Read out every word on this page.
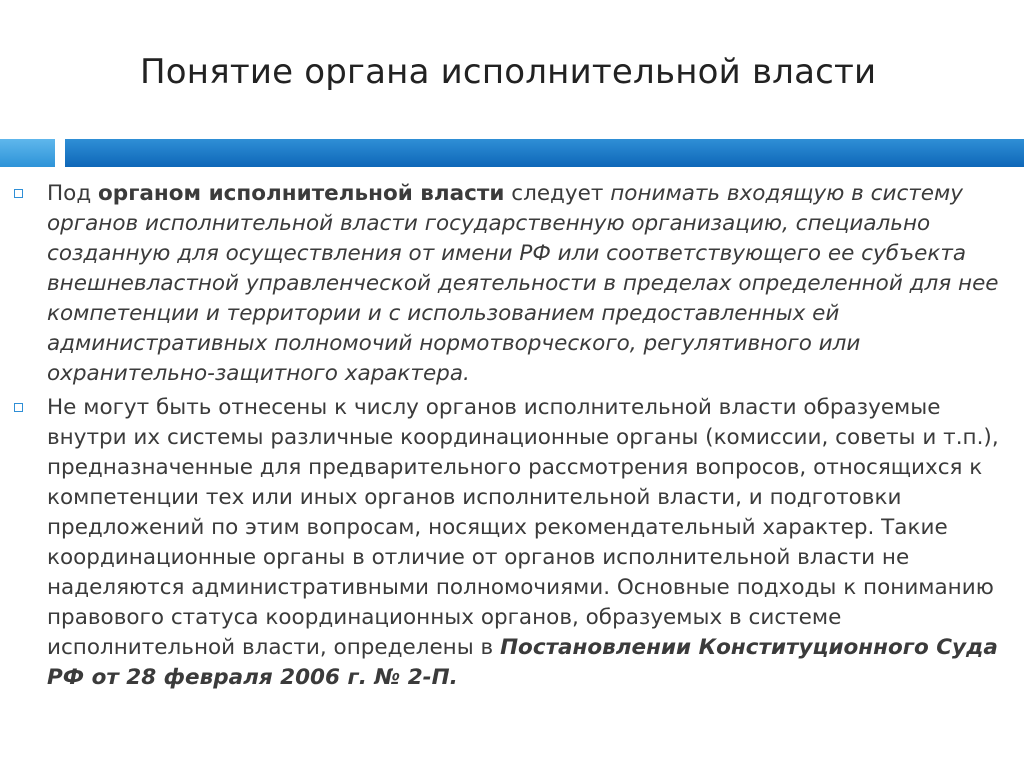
Понятие органа исполнительной власти
Под органом исполнительной власти следует понимать входящую в систему органов исполнительной власти государственную организацию, специально созданную для осуществления от имени РФ или соответствующего ее субъекта внешневластной управленческой деятельности в пределах определенной для нее компетенции и территории и с использованием предоставленных ей административных полномочий нормотворческого, регулятивного или охранительно-защитного характера.
Не могут быть отнесены к числу органов исполнительной власти образуемые внутри их системы различные координационные органы (комиссии, советы и т.п.), предназначенные для предварительного рассмотрения вопросов, относящихся к компетенции тех или иных органов исполнительной власти, и подготовки предложений по этим вопросам, носящих рекомендательный характер. Такие координационные органы в отличие от органов исполнительной власти не наделяются административными полномочиями. Основные подходы к пониманию правового статуса координационных органов, образуемых в системе исполнительной власти, определены в Постановлении Конституционного Суда РФ от 28 февраля 2006 г. № 2-П.
